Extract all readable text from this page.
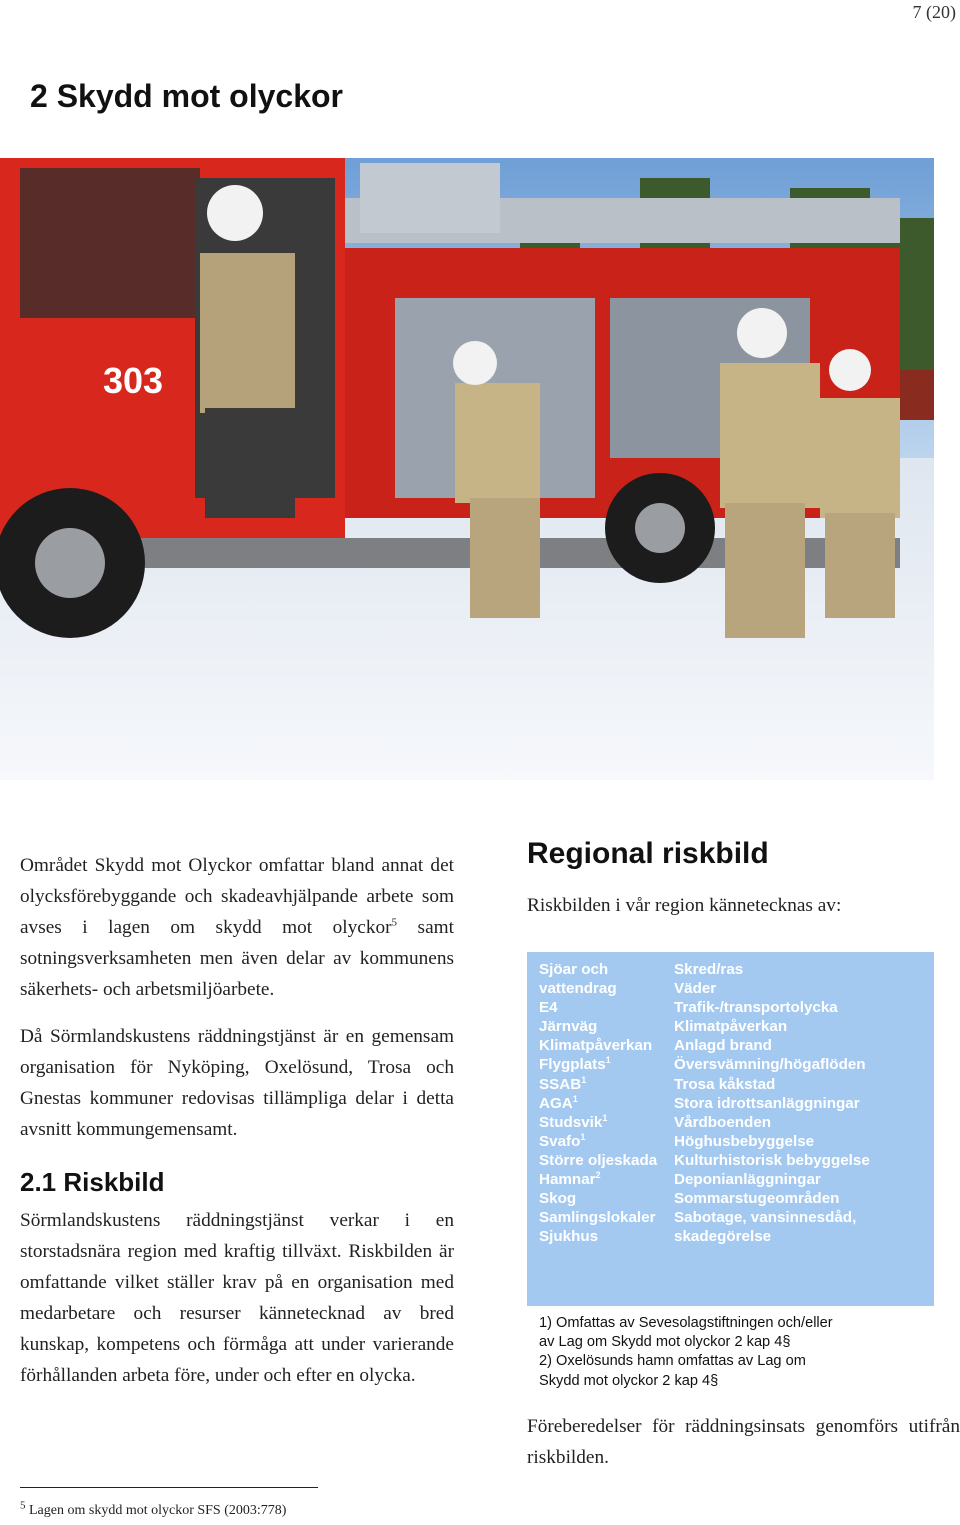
7 (20)
2 Skydd mot olyckor
303

Området Skydd mot Olyckor omfattar bland annat det olycksförebyggande och skadeavhjälpande arbete som avses i lagen om skydd mot olyckor$^5$ samt sotningsverksamheten men även delar av kommunens säkerhets- och arbetsmiljöarbete.

Då Sörmlandskustens räddningstjänst är en gemensam organisation för Nyköping, Oxelösund, Trosa och Gnestas kommuner redovisas tillämpliga delar i detta avsnitt kommungemensamt.

2.1 Riskbild

Sörmlandskustens räddningstjänst verkar i en storstadsnära region med kraftig tillväxt. Riskbilden är omfattande vilket ställer krav på en organisation med medarbetare och resurser kännetecknad av bred kunskap, kompetens och förmåga att under varierande förhållanden arbeta före, under och efter en olycka.

$^5$ Lagen om skydd mot olyckor SFS (2003:778)
Regional riskbild
Riskbilden i vår region kännetecknas av:
Sjöar och
vattendrag
E4
Järnväg
Klimatpåverkan
Flygplats$^1$
SSAB$^1$
AGA$^1$
Studsvik$^1$
Svafo$^1$
Större oljeskada
Hamnar$^2$
Skog
Samlingslokaler
Sjukhus
Skred/ras
Väder
Trafik-/transportolycka
Klimatpåverkan
Anlagd brand
Översvämning/högaflöden
Trosa kåkstad
Stora idrottsanläggningar
Vårdboenden
Höghusbebyggelse
Kulturhistorisk bebyggelse
Deponianläggningar
Sommarstugeområden
Sabotage, vansinnesdåd,
skadegörelse

1) Omfattas av Sevesolagstiftningen och/eller

av Lag om Skydd mot olyckor 2 kap 4§

2) Oxelösunds hamn omfattas av Lag om

Skydd mot olyckor 2 kap 4§

Föreberedelser för räddningsinsats genomförs utifrån riskbilden.
